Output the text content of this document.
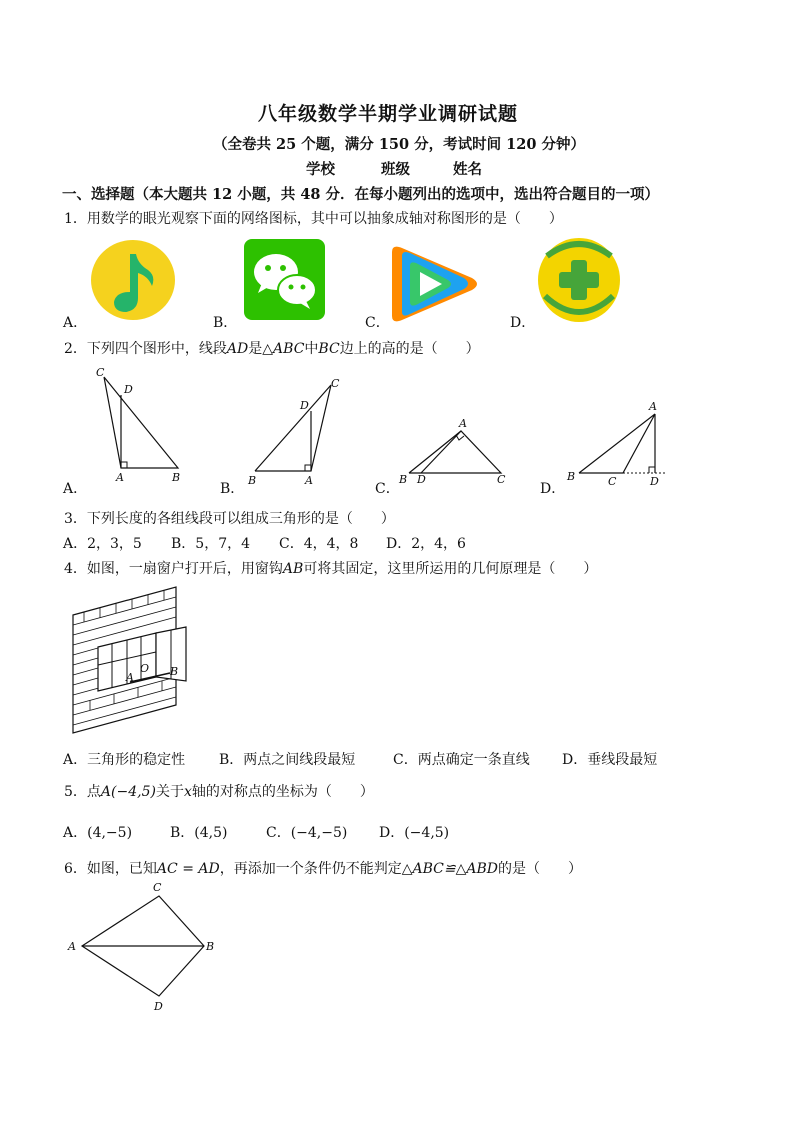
八年级数学半期学业调研试题
（全卷共 25 个题，满分 150 分，考试时间 120 分钟）
学校	班级	姓名
一、选择题（本大题共 12 小题，共 48 分．在每小题列出的选项中，选出符合题目的一项）
1．用数学的眼光观察下面的网络图标，其中可以抽象成轴对称图形的是（　　）
A．	B．	C．	D．
2．下列四个图形中，线段AD是△ABC中BC边上的高的是（　　）
C
D
A	B
A．
C
D
B	A
B．
A
B D	C
C．
A
B	C	D
D．
3．下列长度的各组线段可以组成三角形的是（　　）
A．2，3，5 B．5，7，4 C．4，4，8 D．2，4，6
4．如图，一扇窗户打开后，用窗钩AB可将其固定，这里所运用的几何原理是（　　）
O
A	B
A．三角形的稳定性 B．两点之间线段最短	C．两点确定一条直线 D．垂线段最短
5．点A(−4,5)关于x轴的对称点的坐标为（　　）
A．(4,−5)	B．(4,5)	C．(−4,−5) D．(−4,5)
6．如图，已知AC = AD，再添加一个条件仍不能判定△ABC≌△ABD的是（　　）
C
A	B
D
